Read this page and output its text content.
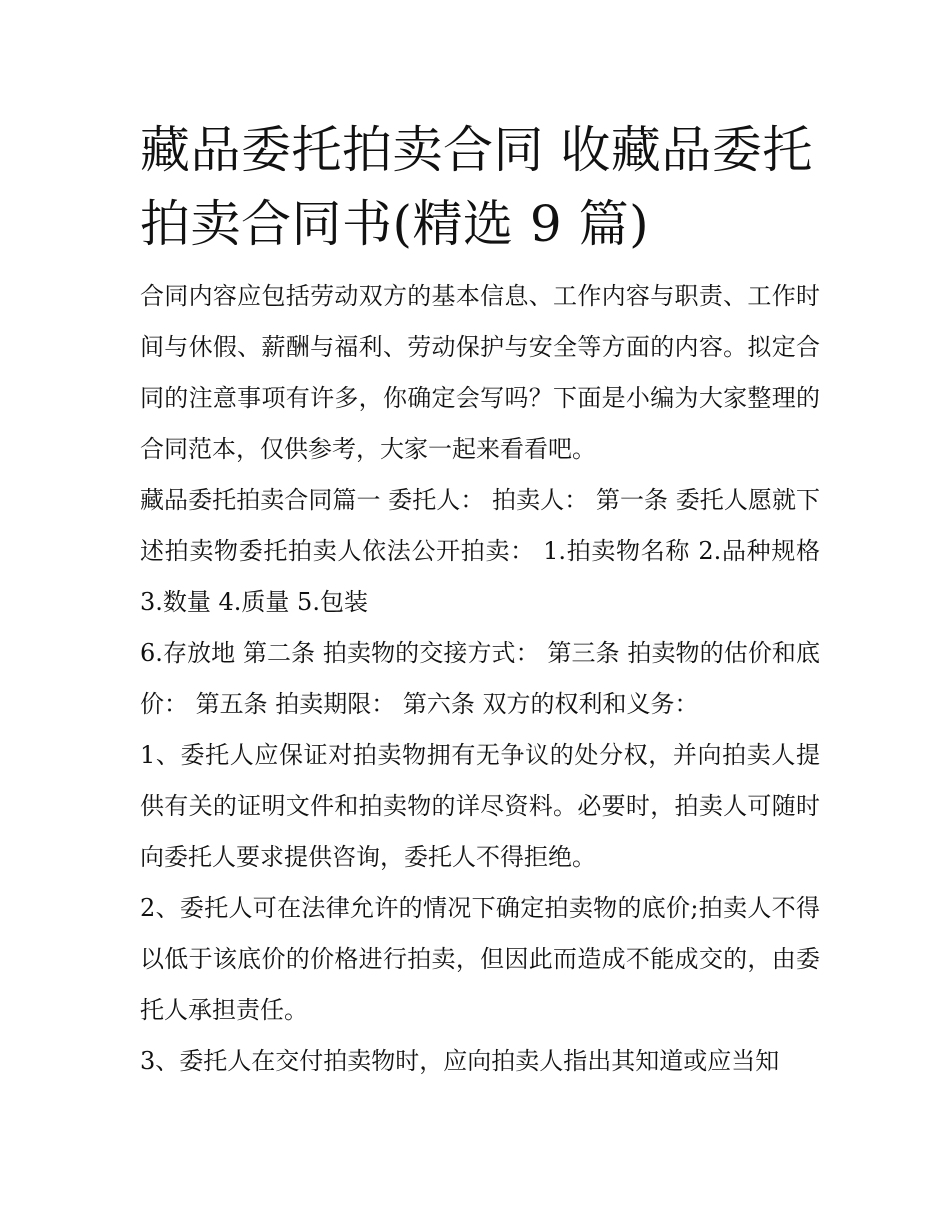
藏品委托拍卖合同 收藏品委托拍卖合同书(精选 9 篇)

合同内容应包括劳动双方的基本信息、工作内容与职责、工作时间与休假、薪酬与福利、劳动保护与安全等方面的内容。拟定合同的注意事项有许多，你确定会写吗？下面是小编为大家整理的合同范本，仅供参考，大家一起来看看吧。

藏品委托拍卖合同篇一 委托人： 拍卖人： 第一条 委托人愿就下述拍卖物委托拍卖人依法公开拍卖： 1.拍卖物名称 2.品种规格 3.数量 4.质量 5.包装

6.存放地 第二条 拍卖物的交接方式： 第三条 拍卖物的估价和底价： 第五条 拍卖期限： 第六条 双方的权利和义务：

1、委托人应保证对拍卖物拥有无争议的处分权，并向拍卖人提供有关的证明文件和拍卖物的详尽资料。必要时，拍卖人可随时向委托人要求提供咨询，委托人不得拒绝。

2、委托人可在法律允许的情况下确定拍卖物的底价;拍卖人不得以低于该底价的价格进行拍卖，但因此而造成不能成交的，由委托人承担责任。

3、委托人在交付拍卖物时，应向拍卖人指出其知道或应当知
